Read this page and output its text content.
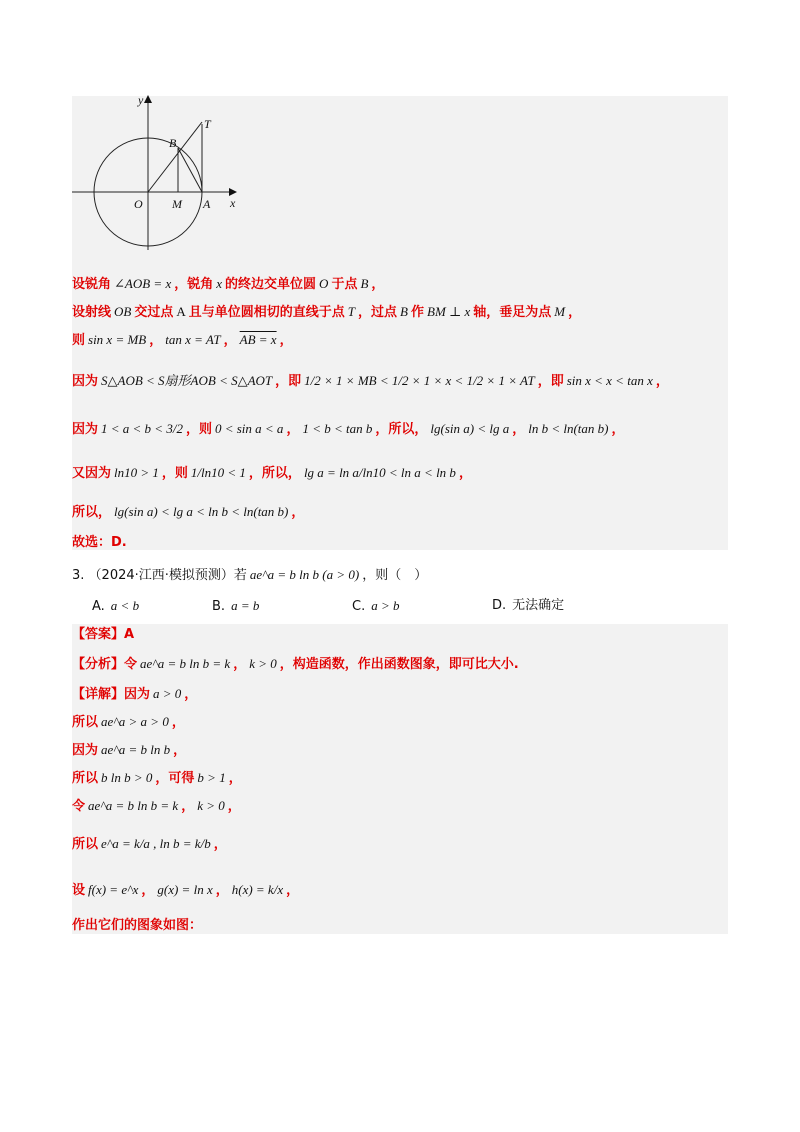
y
x
T
B
O M A
设锐角 ∠AOB = x ，锐角 x 的终边交单位圆 O 于点 B ，
设射线 OB 交过点 A 且与单位圆相切的直线于点 T ，过点 B 作 BM ⊥ x 轴，垂足为点 M ，
则 sin x = MB ， tan x = AT ， AB = x ，
因为 S△AOB < S扇形AOB < S△AOT ，即 1/2 × 1 × MB < 1/2 × 1 × x < 1/2 × 1 × AT ，即 sin x < x < tan x ，
因为 1 < a < b < 3/2 ，则 0 < sin a < a ， 1 < b < tan b ，所以， lg(sin a) < lg a ， ln b < ln(tan b) ，
又因为 ln10 > 1 ，则 1/ln10 < 1 ，所以， lg a = ln a/ln10 < ln a < ln b ，
所以， lg(sin a) < lg a < ln b < ln(tan b) ，
故选：D.
3. （2024·江西·模拟预测）若 ae^a = b ln b (a > 0) ，则（　）
A. a < b	B. a = b	C. a > b	D. 无法确定
【答案】A
【分析】令 ae^a = b ln b = k ， k > 0 ，构造函数，作出函数图象，即可比大小.
【详解】因为 a > 0 ，
所以 ae^a > a > 0 ，
因为 ae^a = b ln b ，
所以 b ln b > 0 ，可得 b > 1 ，
令 ae^a = b ln b = k ， k > 0 ，
所以 e^a = k/a , ln b = k/b ，
设 f(x) = e^x ， g(x) = ln x ， h(x) = k/x ，
作出它们的图象如图：
